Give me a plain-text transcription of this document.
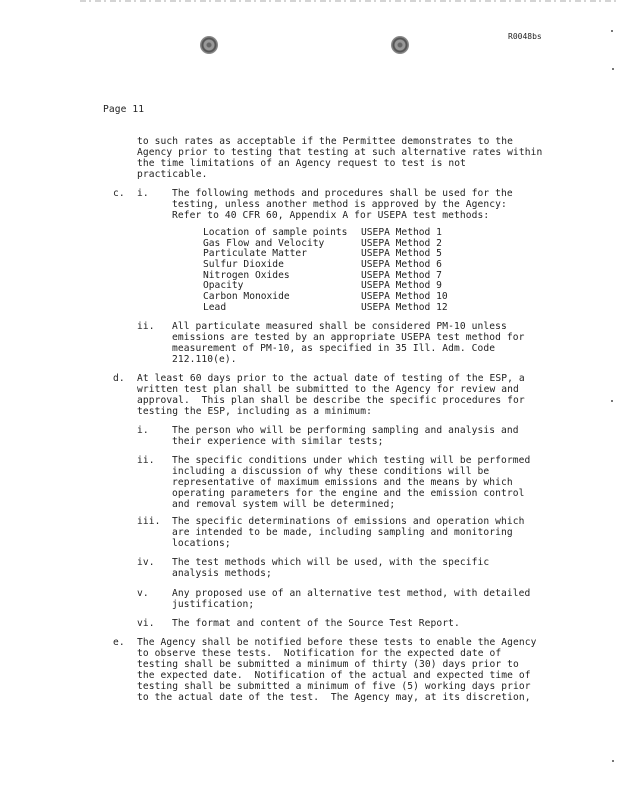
R0048bs
Page 11
to such rates as acceptable if the Permittee demonstrates to the
Agency prior to testing that testing at such alternative rates within
the time limitations of an Agency request to test is not
practicable.
c. i. The following methods and procedures shall be used for the
testing, unless another method is approved by the Agency:
Refer to 40 CFR 60, Appendix A for USEPA test methods:
Location of sample points USEPA Method 1
Gas Flow and Velocity	USEPA Method 2
Particulate Matter	USEPA Method 5
Sulfur Dioxide	USEPA Method 6
Nitrogen Oxides	USEPA Method 7
Opacity	USEPA Method 9
Carbon Monoxide	USEPA Method 10
Lead	USEPA Method 12
ii. All particulate measured shall be considered PM-10 unless
emissions are tested by an appropriate USEPA test method for
measurement of PM-10, as specified in 35 Ill. Adm. Code
212.110(e).
d. At least 60 days prior to the actual date of testing of the ESP, a
written test plan shall be submitted to the Agency for review and
approval.  This plan shall be describe the specific procedures for
testing the ESP, including as a minimum:
i. The person who will be performing sampling and analysis and
their experience with similar tests;
ii. The specific conditions under which testing will be performed
including a discussion of why these conditions will be
representative of maximum emissions and the means by which
operating parameters for the engine and the emission control
and removal system will be determined;
iii. The specific determinations of emissions and operation which
are intended to be made, including sampling and monitoring
locations;
iv. The test methods which will be used, with the specific
analysis methods;
v. Any proposed use of an alternative test method, with detailed
justification;
vi. The format and content of the Source Test Report.
e. The Agency shall be notified before these tests to enable the Agency
to observe these tests.  Notification for the expected date of
testing shall be submitted a minimum of thirty (30) days prior to
the expected date.  Notification of the actual and expected time of
testing shall be submitted a minimum of five (5) working days prior
to the actual date of the test.  The Agency may, at its discretion,
